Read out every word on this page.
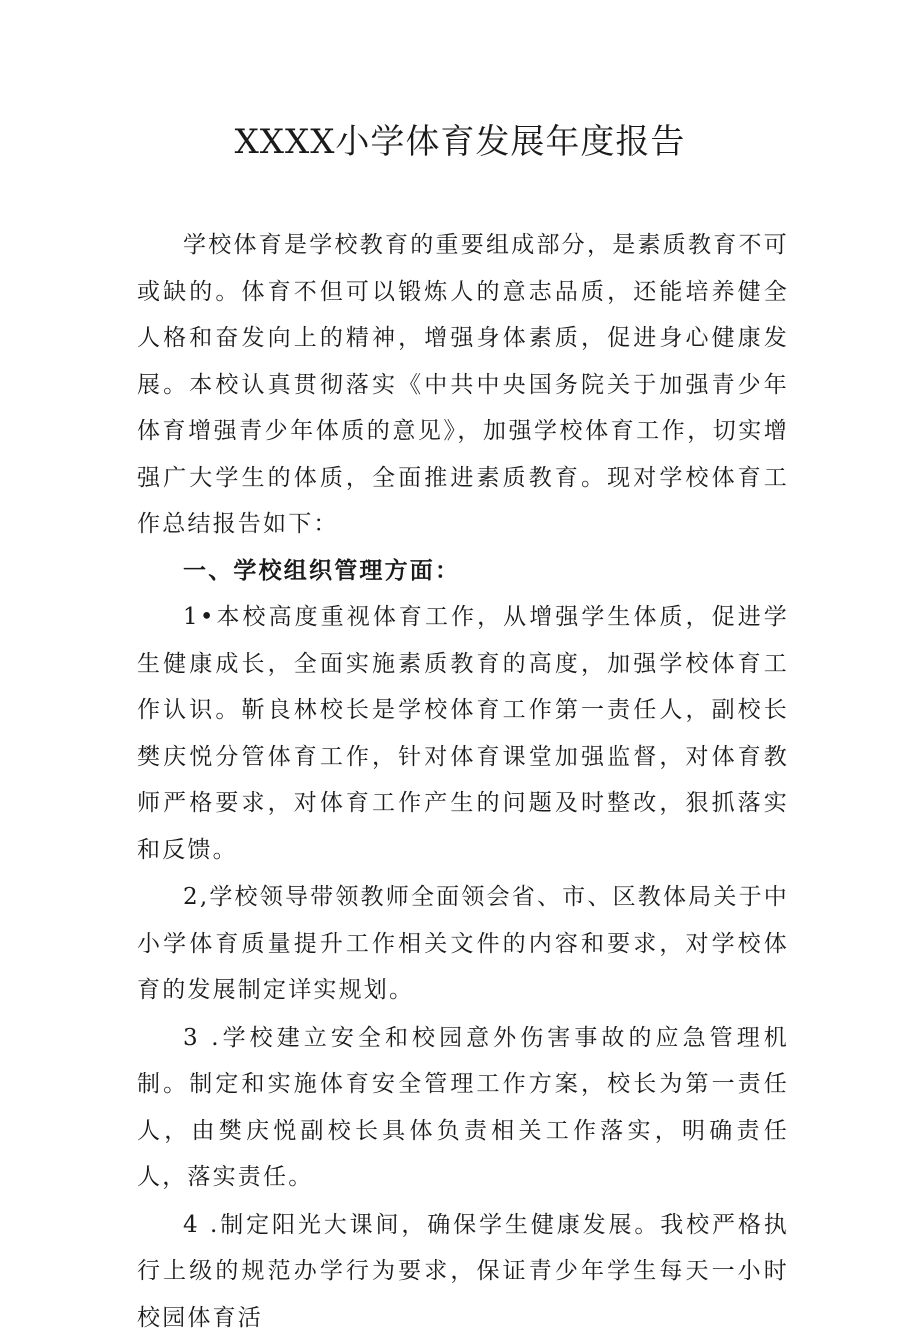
XXXX小学体育发展年度报告

学校体育是学校教育的重要组成部分，是素质教育不可或缺的。体育不但可以锻炼人的意志品质，还能培养健全人格和奋发向上的精神，增强身体素质，促进身心健康发展。本校认真贯彻落实《中共中央国务院关于加强青少年体育增强青少年体质的意见》，加强学校体育工作，切实增强广大学生的体质，全面推进素质教育。现对学校体育工作总结报告如下：

一、学校组织管理方面：

1•本校高度重视体育工作，从增强学生体质，促进学生健康成长，全面实施素质教育的高度，加强学校体育工作认识。靳良林校长是学校体育工作第一责任人，副校长樊庆悦分管体育工作，针对体育课堂加强监督，对体育教师严格要求，对体育工作产生的问题及时整改，狠抓落实和反馈。

2,学校领导带领教师全面领会省、市、区教体局关于中小学体育质量提升工作相关文件的内容和要求，对学校体育的发展制定详实规划。

3 .学校建立安全和校园意外伤害事故的应急管理机制。制定和实施体育安全管理工作方案，校长为第一责任人，由樊庆悦副校长具体负责相关工作落实，明确责任人，落实责任。

4 .制定阳光大课间，确保学生健康发展。我校严格执行上级的规范办学行为要求，保证青少年学生每天一小时校园体育活
